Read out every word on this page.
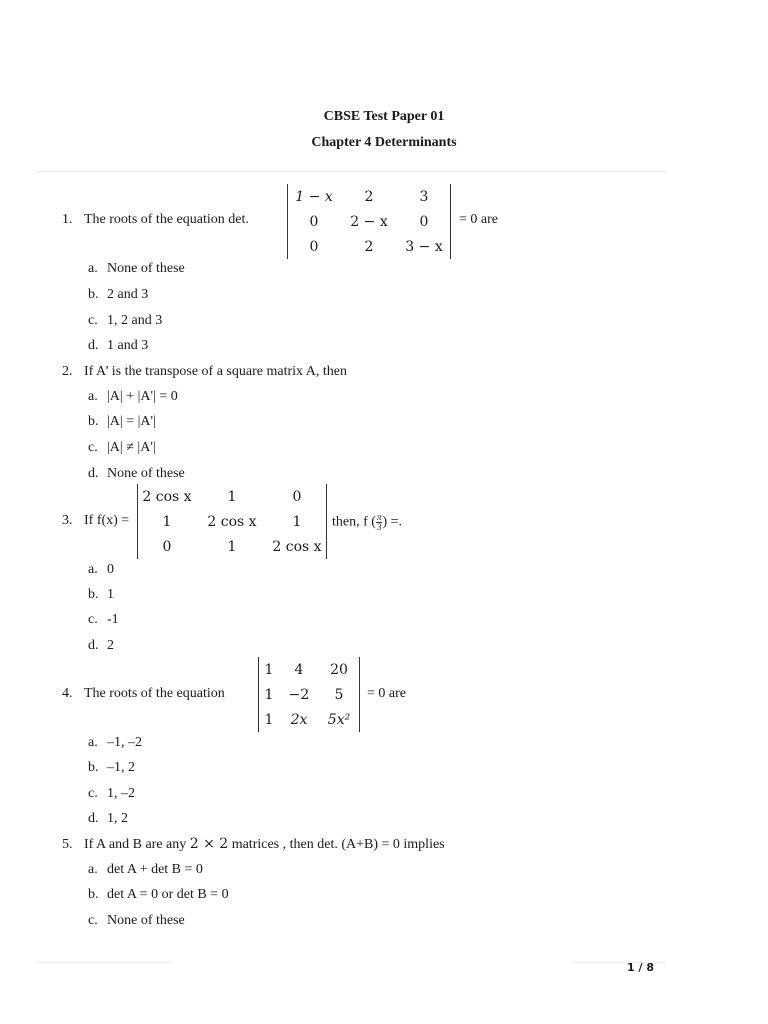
CBSE Test Paper 01
Chapter 4 Determinants
1. The roots of the equation det.
1 − x	2	3
0	2 − x	0
0	2	3 − x
= 0 are
a. None of these
b. 2 and 3
c. 1, 2 and 3
d. 1 and 3
2. If A’ is the transpose of a square matrix A, then
a. |A| + |A'| = 0
b. |A| = |A'|
c. |A| ≠ |A'|
d. None of these
3. If f(x) =
2 cos x	1	0
1	2 cos x	1
0	1	2 cos x
then, f ( $\frac{\pi}{3}$ ) =.
a. 0
b. 1
c. -1
d. 2
4. The roots of the equation
1	4	20
1	−2	5
1	2x	5x²
= 0 are
a. –1, –2
b. –1, 2
c. 1, –2
d. 1, 2
5. If A and B are any 2 × 2 matrices , then det. (A+B) = 0 implies
a. det A + det B = 0
b. det A = 0 or det B = 0
c. None of these
1 / 8
